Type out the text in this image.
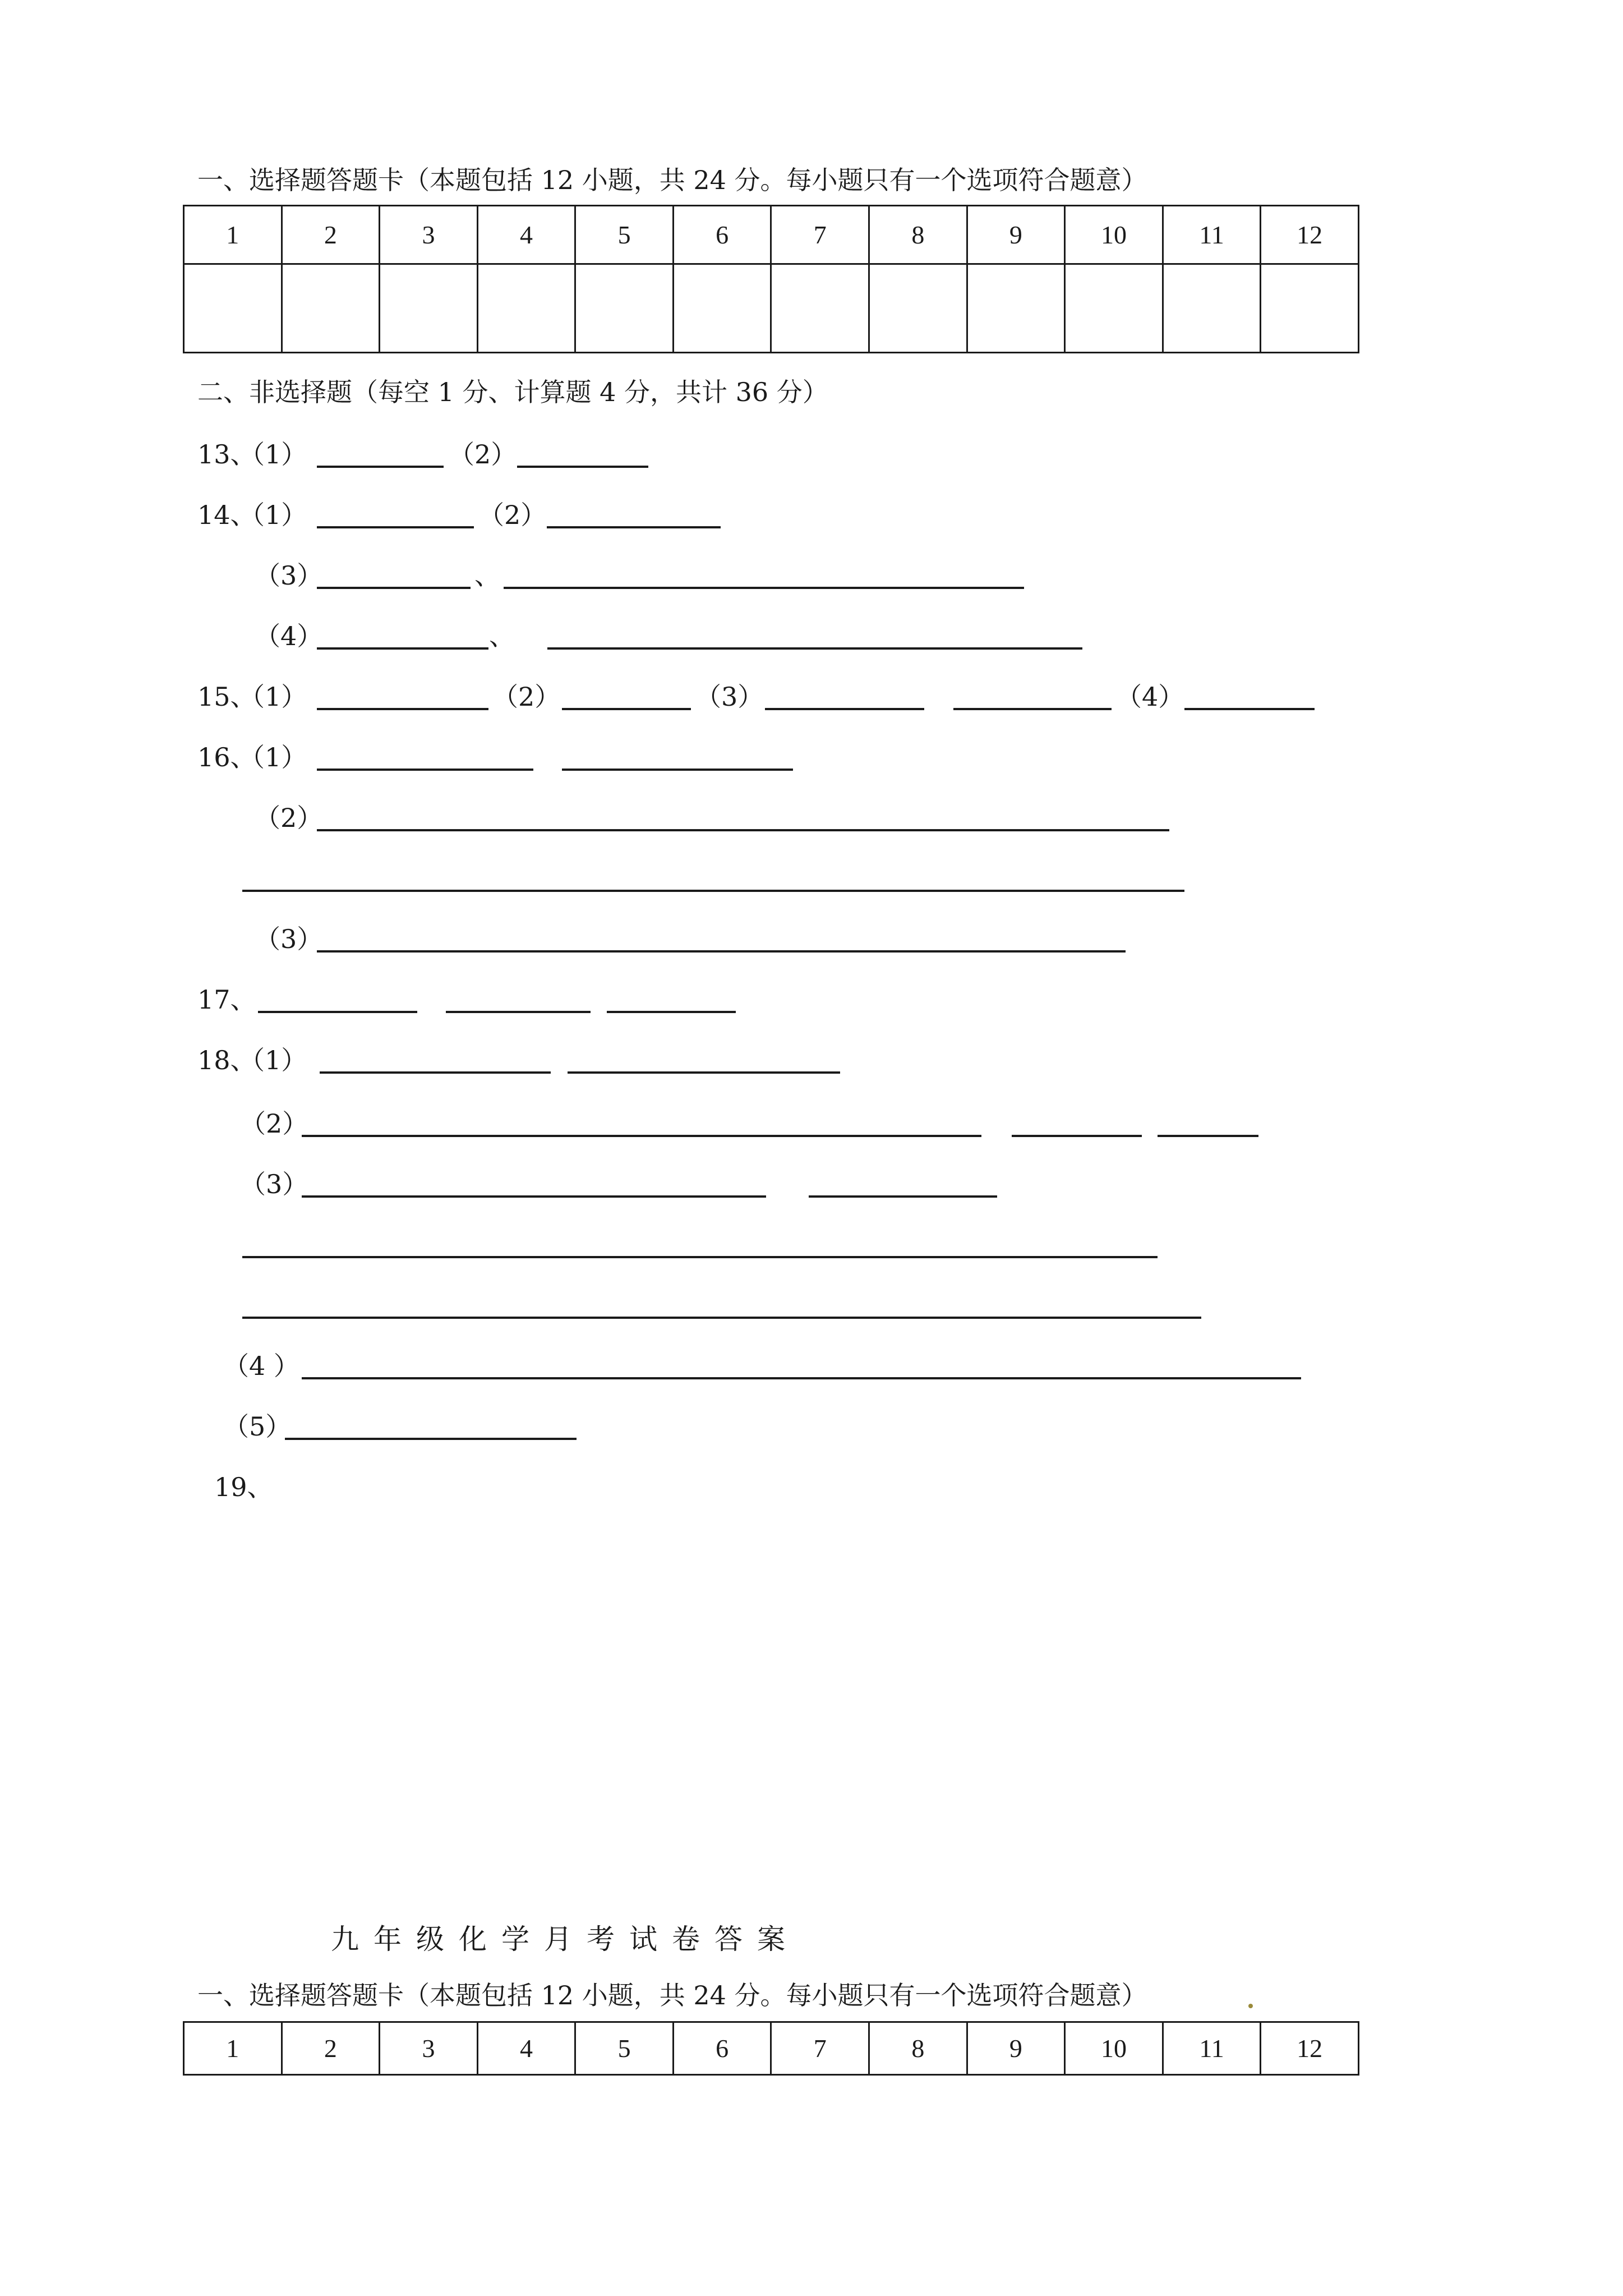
一、选择题答题卡（本题包括 12 小题，共 24 分。每小题只有一个选项符合题意）
1	2	3	4	5	6	7	8	9	10	11	12

二、非选择题（每空 1 分、计算题 4 分，共计 36 分）
13、
（1）	（2）
14、
（1）	（2）
（3）	、
（4）	、
15、
（1）	（2）	（3）	（4）
16、
（1）
（2）
（3）
17、
18、
（1）
（2）
（3）
（4 ）
（5）
19、
九年级化学月考试卷答案
一、选择题答题卡（本题包括 12 小题，共 24 分。每小题只有一个选项符合题意）
1	2	3	4	5	6	7	8	9	10	11	12
